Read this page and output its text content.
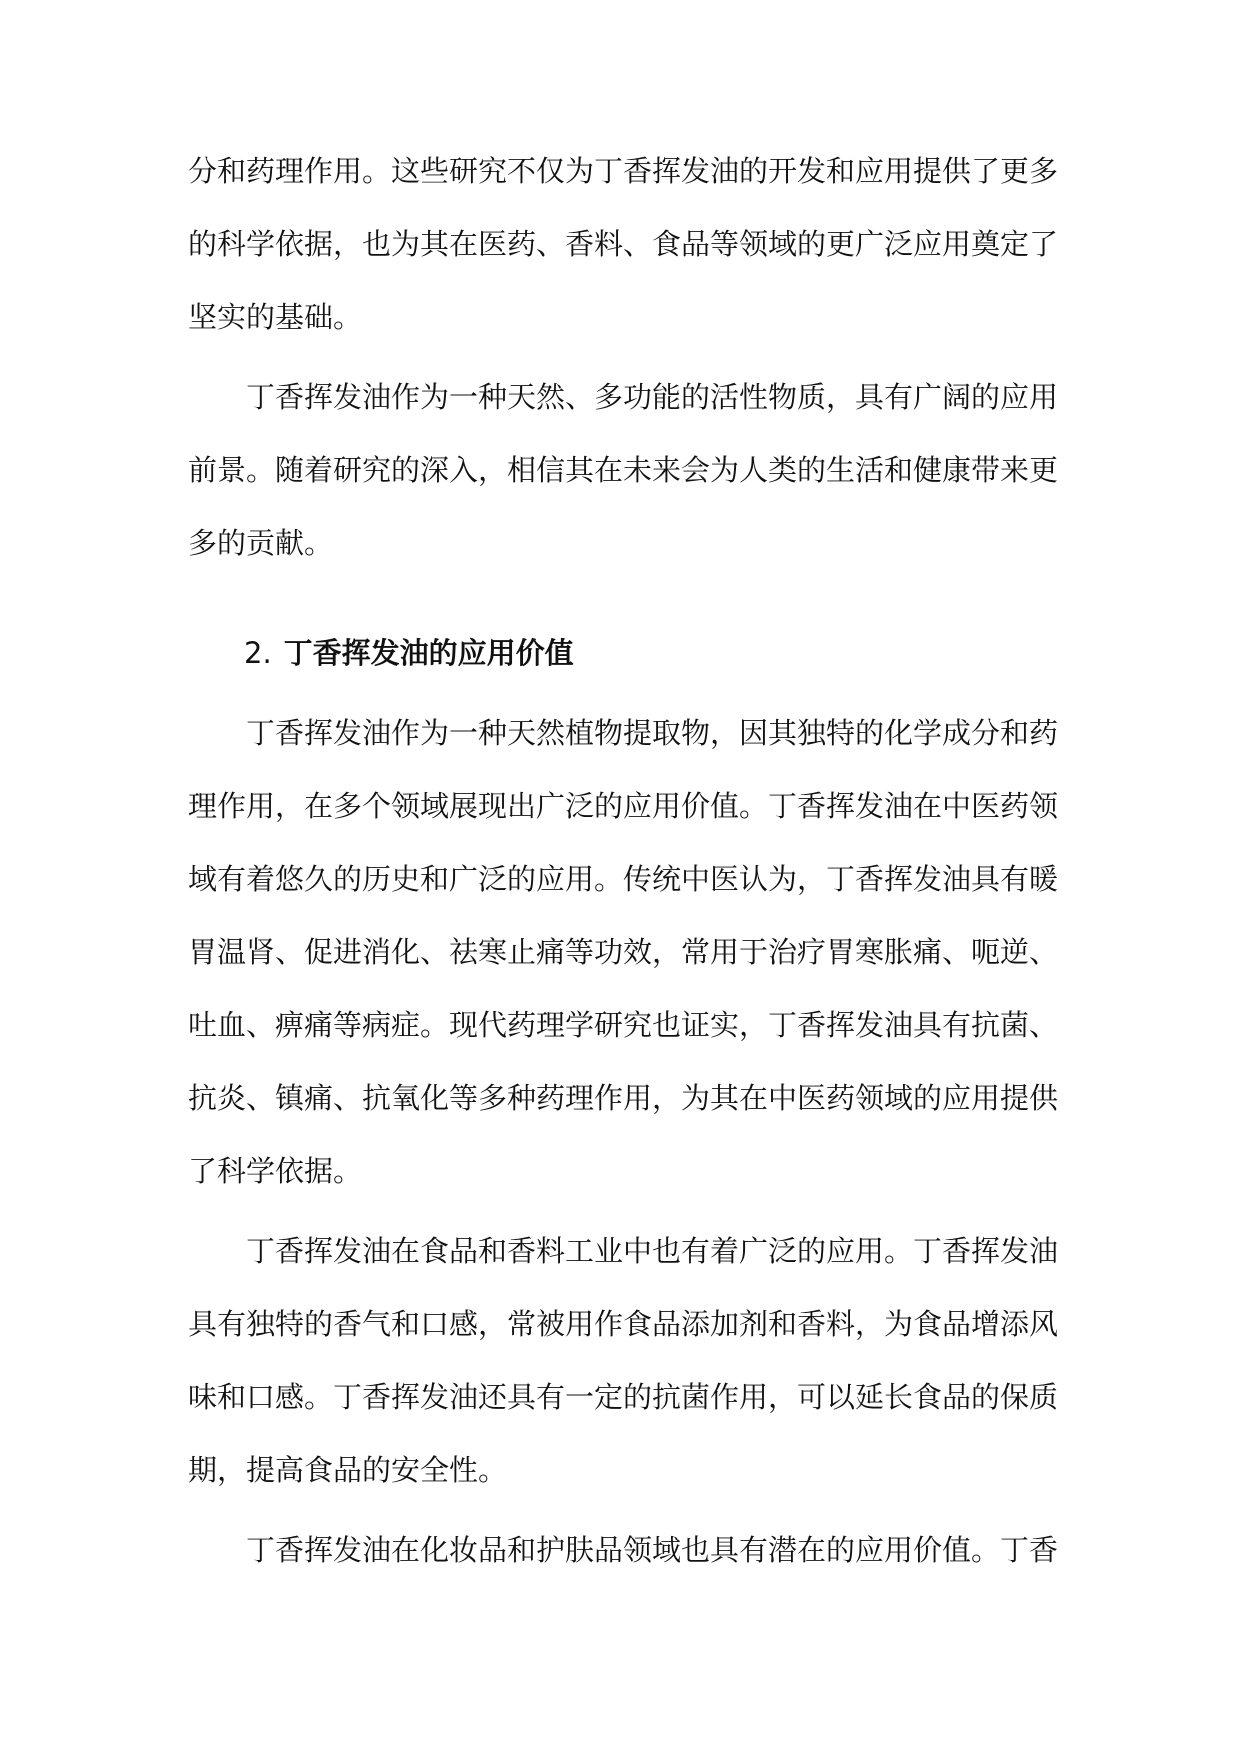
分和药理作用。这些研究不仅为丁香挥发油的开发和应用提供了更多
的科学依据，也为其在医药、香料、食品等领域的更广泛应用奠定了
坚实的基础。
丁香挥发油作为一种天然、多功能的活性物质，具有广阔的应用
前景。随着研究的深入，相信其在未来会为人类的生活和健康带来更
多的贡献。
2. 丁香挥发油的应用价值
丁香挥发油作为一种天然植物提取物，因其独特的化学成分和药
理作用，在多个领域展现出广泛的应用价值。丁香挥发油在中医药领
域有着悠久的历史和广泛的应用。传统中医认为，丁香挥发油具有暖
胃温肾、促进消化、祛寒止痛等功效，常用于治疗胃寒胀痛、呃逆、
吐血、痹痛等病症。现代药理学研究也证实，丁香挥发油具有抗菌、
抗炎、镇痛、抗氧化等多种药理作用，为其在中医药领域的应用提供
了科学依据。
丁香挥发油在食品和香料工业中也有着广泛的应用。丁香挥发油
具有独特的香气和口感，常被用作食品添加剂和香料，为食品增添风
味和口感。丁香挥发油还具有一定的抗菌作用，可以延长食品的保质
期，提高食品的安全性。
丁香挥发油在化妆品和护肤品领域也具有潜在的应用价值。丁香
